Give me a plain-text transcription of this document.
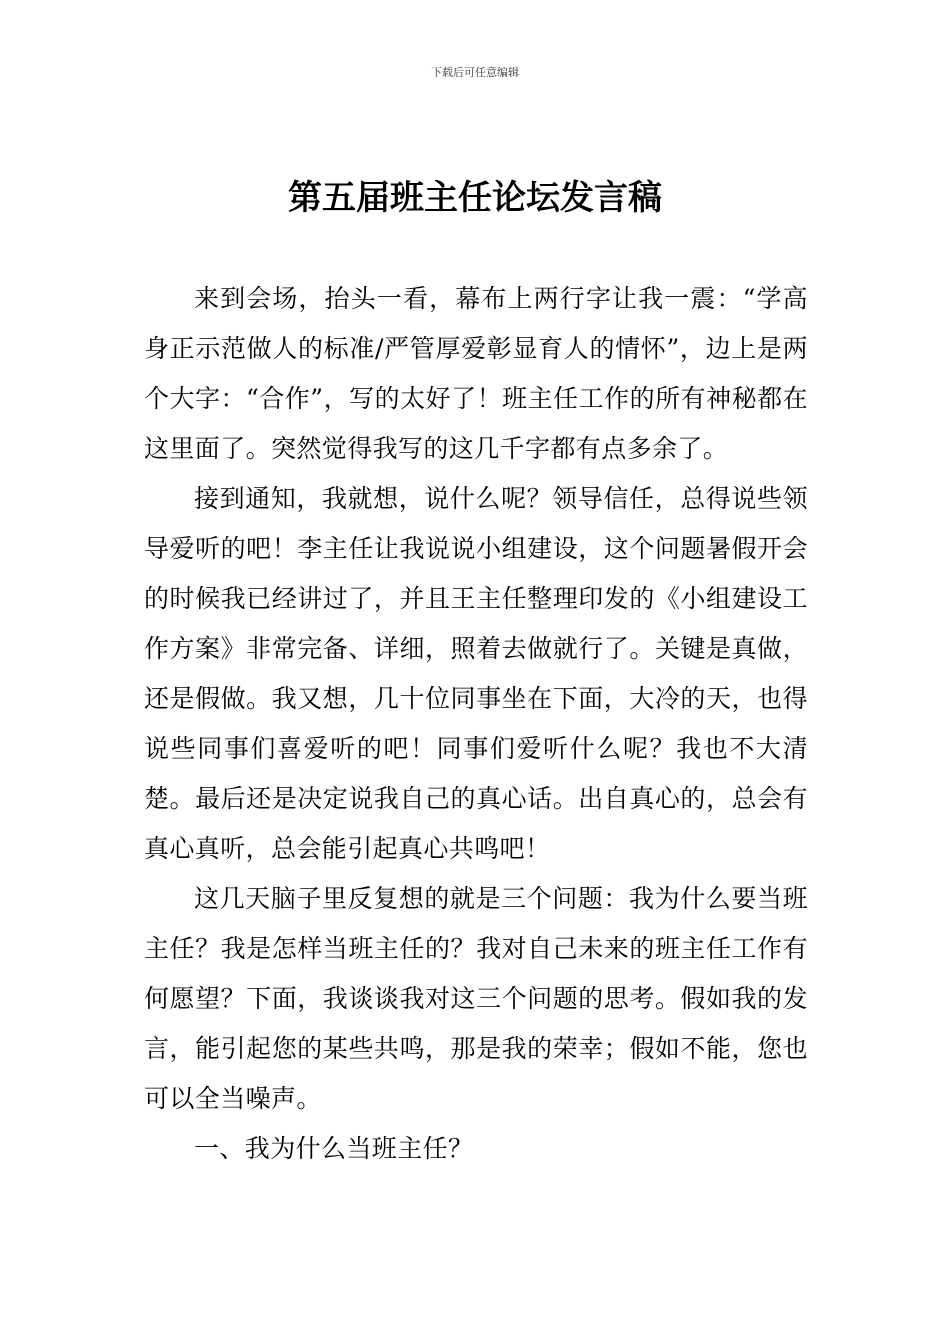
下载后可任意编辑
第五届班主任论坛发言稿

来到会场，抬头一看，幕布上两行字让我一震：“学高身正示范做人的标准/严管厚爱彰显育人的情怀”，边上是两个大字：“合作”，写的太好了！班主任工作的所有神秘都在这里面了。突然觉得我写的这几千字都有点多余了。

接到通知，我就想，说什么呢？领导信任，总得说些领导爱听的吧！李主任让我说说小组建设，这个问题暑假开会的时候我已经讲过了，并且王主任整理印发的《小组建设工作方案》非常完备、详细，照着去做就行了。关键是真做，还是假做。我又想，几十位同事坐在下面，大冷的天，也得说些同事们喜爱听的吧！同事们爱听什么呢？我也不大清楚。最后还是决定说我自己的真心话。出自真心的，总会有真心真听，总会能引起真心共鸣吧！

这几天脑子里反复想的就是三个问题：我为什么要当班主任？我是怎样当班主任的？我对自己未来的班主任工作有何愿望？下面，我谈谈我对这三个问题的思考。假如我的发言，能引起您的某些共鸣，那是我的荣幸；假如不能，您也可以全当噪声。

一、我为什么当班主任？
